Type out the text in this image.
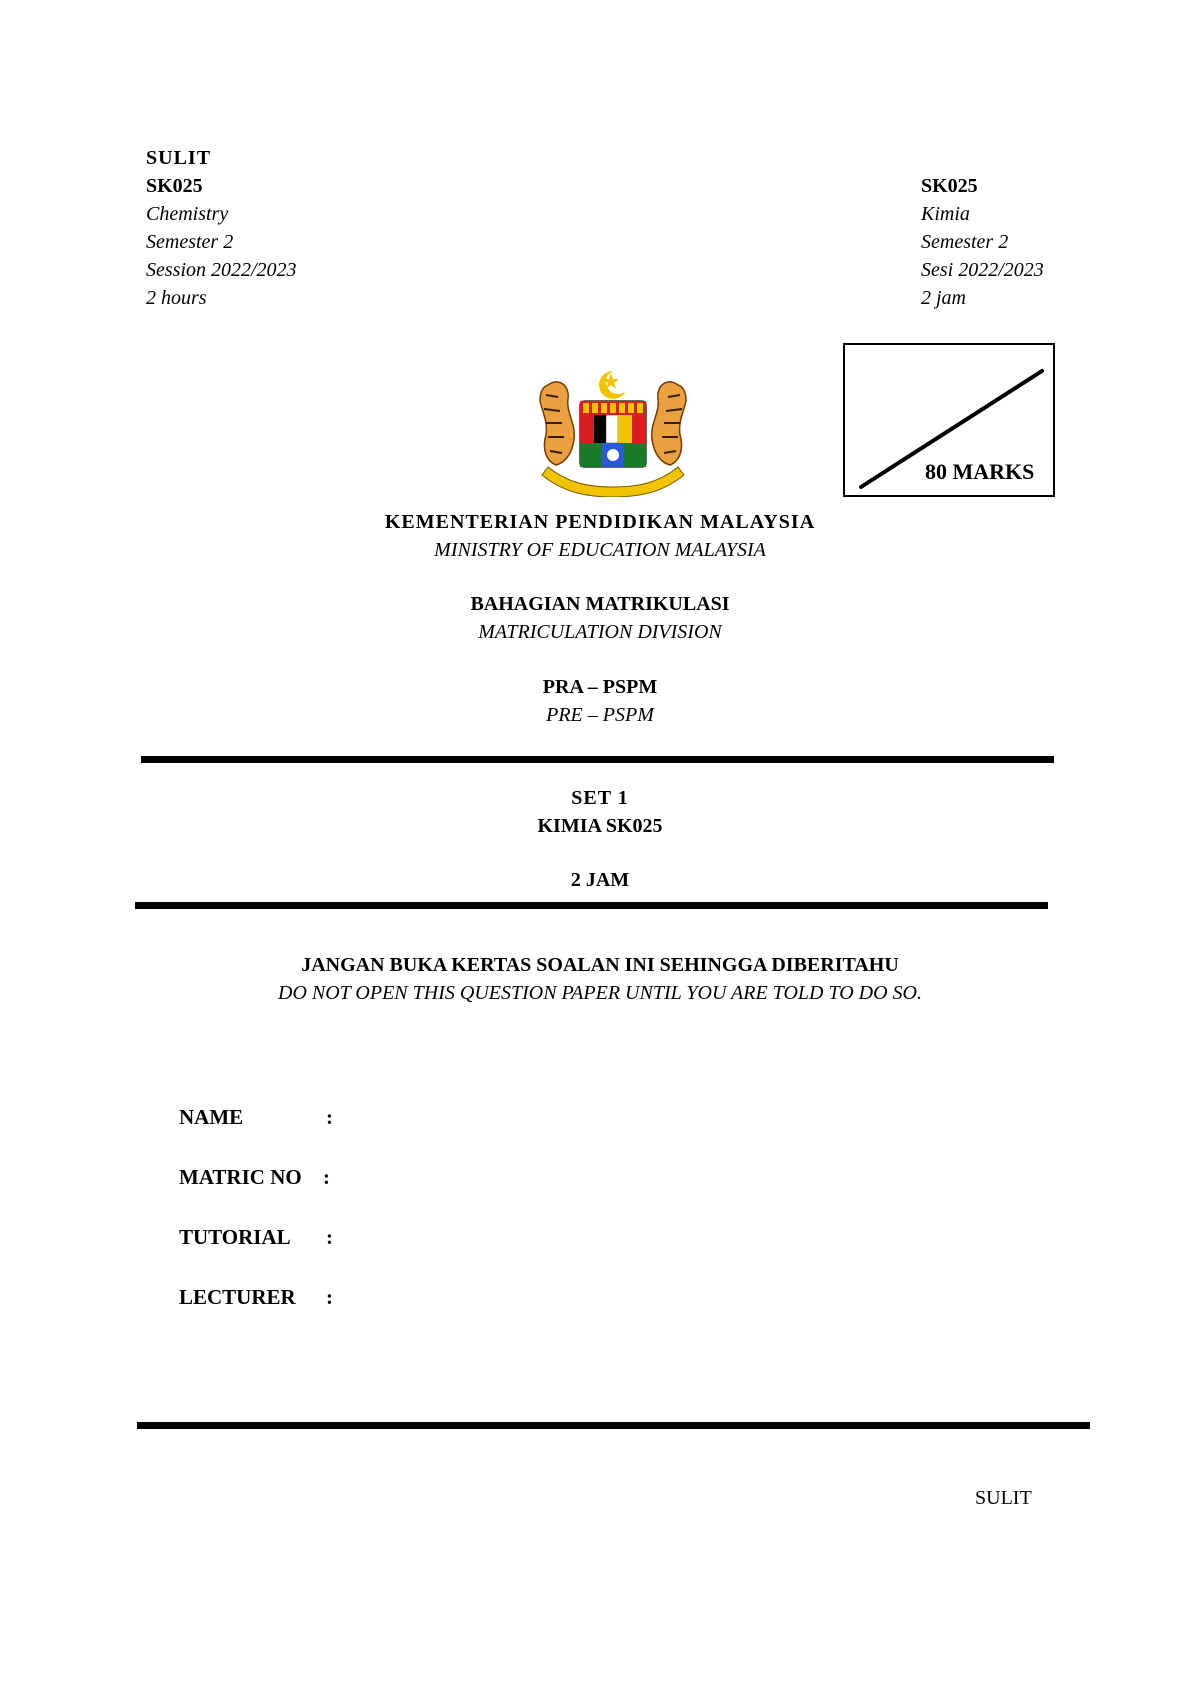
SULIT
SK025
Chemistry
Semester 2
Session 2022/2023
2 hours
SK025
Kimia
Semester 2
Sesi 2022/2023
2 jam
80 MARKS
KEMENTERIAN PENDIDIKAN MALAYSIA
MINISTRY OF EDUCATION MALAYSIA
BAHAGIAN MATRIKULASI
MATRICULATION DIVISION
PRA – PSPM
PRE – PSPM
SET 1
KIMIA SK025
2 JAM
JANGAN BUKA KERTAS SOALAN INI SEHINGGA DIBERITAHU
DO NOT OPEN THIS QUESTION PAPER UNTIL YOU ARE TOLD TO DO SO.
NAME	:
MATRIC NO :
TUTORIAL :
LECTURER :
SULIT
